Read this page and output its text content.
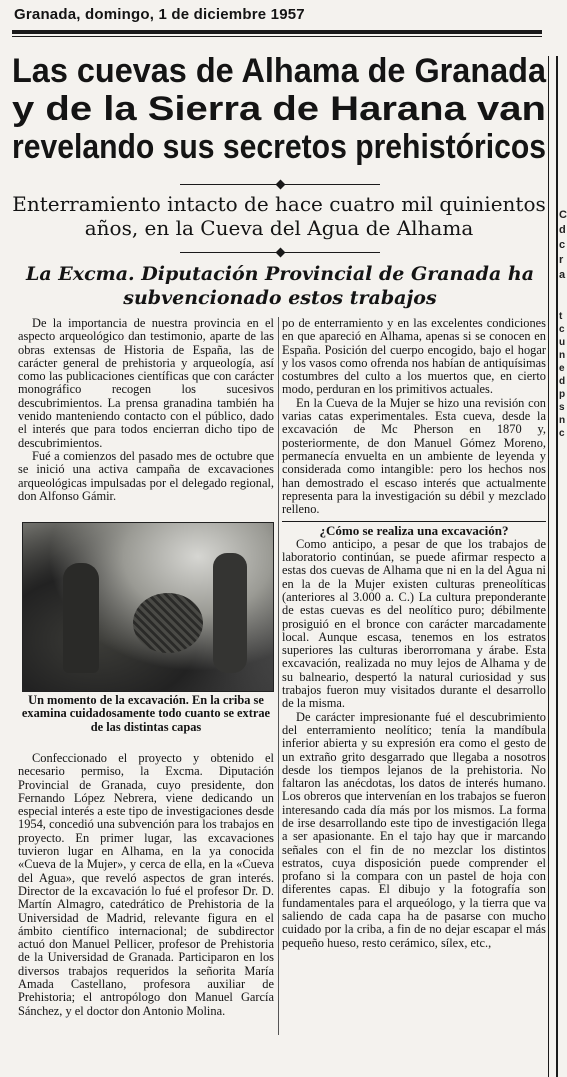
Granada, domingo, 1 de diciembre 1957
Las cuevas de Alhama de Granada
y de la Sierra de Harana van
revelando sus secretos prehistóricos
Enterramiento intacto de hace cuatro mil quinientos
años, en la Cueva del Agua de Alhama
La Excma. Diputación Provincial de Granada ha
subvencionado estos trabajos

De la importancia de nuestra provincia en el aspecto arqueológico dan testimonio, aparte de las obras extensas de Historia de España, las de carácter general de prehistoria y arqueología, así como las publicaciones científicas que con carácter monográfico recogen los sucesivos descubrimientos. La prensa granadina también ha venido manteniendo contacto con el público, dado el interés que para todos encierran dicho tipo de descubrimientos.

Fué a comienzos del pasado mes de octubre que se inició una activa campaña de excavaciones arqueológicas impulsadas por el delegado regional, don Alfonso Gámir.

Un momento de la excavación. En la criba se examina cuidadosamente todo cuanto se extrae de las distintas capas

Confeccionado el proyecto y obtenido el necesario permiso, la Excma. Diputación Provincial de Granada, cuyo presidente, don Fernando López Nebrera, viene dedicando un especial interés a este tipo de investigaciones desde 1954, concedió una subvención para los trabajos en proyecto. En primer lugar, las excavaciones tuvieron lugar en Alhama, en la ya conocida «Cueva de la Mujer», y cerca de ella, en la «Cueva del Agua», que reveló aspectos de gran interés. Director de la excavación lo fué el profesor Dr. D. Martín Almagro, catedrático de Prehistoria de la Universidad de Madrid, relevante figura en el ámbito científico internacional; de subdirector actuó don Manuel Pellicer, profesor de Prehistoria de la Universidad de Granada. Participaron en los diversos trabajos requeridos la señorita María Amada Castellano, profesora auxiliar de Prehistoria; el antropólogo don Manuel García Sánchez, y el doctor don Antonio Molina.

po de enterramiento y en las excelentes condiciones en que apareció en Alhama, apenas si se conocen en España. Posición del cuerpo encogido, bajo el hogar y los vasos como ofrenda nos habían de antiquísimas costumbres del culto a los muertos que, en cierto modo, perduran en los primitivos actuales.

En la Cueva de la Mujer se hizo una revisión con varias catas experimentales. Esta cueva, desde la excavación de Mc Pherson en 1870 y, posteriormente, de don Manuel Gómez Moreno, permanecía envuelta en un ambiente de leyenda y considerada como intangible: pero los hechos nos han demostrado el escaso interés que actualmente representa para la investigación su débil y mezclado relleno.

¿Cómo se realiza una excavación?

Como anticipo, a pesar de que los trabajos de laboratorio continúan, se puede afirmar respecto a estas dos cuevas de Alhama que ni en la del Agua ni en la de la Mujer existen culturas preneolíticas (anteriores al 3.000 a. C.) La cultura preponderante de estas cuevas es del neolítico puro; débilmente prosiguió en el bronce con carácter marcadamente local. Aunque escasa, tenemos en los estratos superiores las culturas iberorromana y árabe. Esta excavación, realizada no muy lejos de Alhama y de su balneario, despertó la natural curiosidad y sus trabajos fueron muy visitados durante el desarrollo de la misma.

De carácter impresionante fué el descubrimiento del enterramiento neolítico; tenía la mandíbula inferior abierta y su expresión era como el gesto de un extraño grito desgarrado que llegaba a nosotros desde los tiempos lejanos de la prehistoria. No faltaron las anécdotas, los datos de interés humano. Los obreros que intervenían en los trabajos se fueron interesando cada día más por los mismos. La forma de irse desarrollando este tipo de investigación llega a ser apasionante. En el tajo hay que ir marcando señales con el fin de no mezclar los distintos estratos, cuya disposición puede comprender el profano si la compara con un pastel de hoja con diferentes capas. El dibujo y la fotografía son fundamentales para el arqueólogo, y la tierra que va saliendo de cada capa ha de pasarse con mucho cuidado por la criba, a fin de no dejar escapar el más pequeño hueso, resto cerámico, sílex, etc.,

C
d
c
r
a
t
c
u
n
e
d
p
s
n
c
